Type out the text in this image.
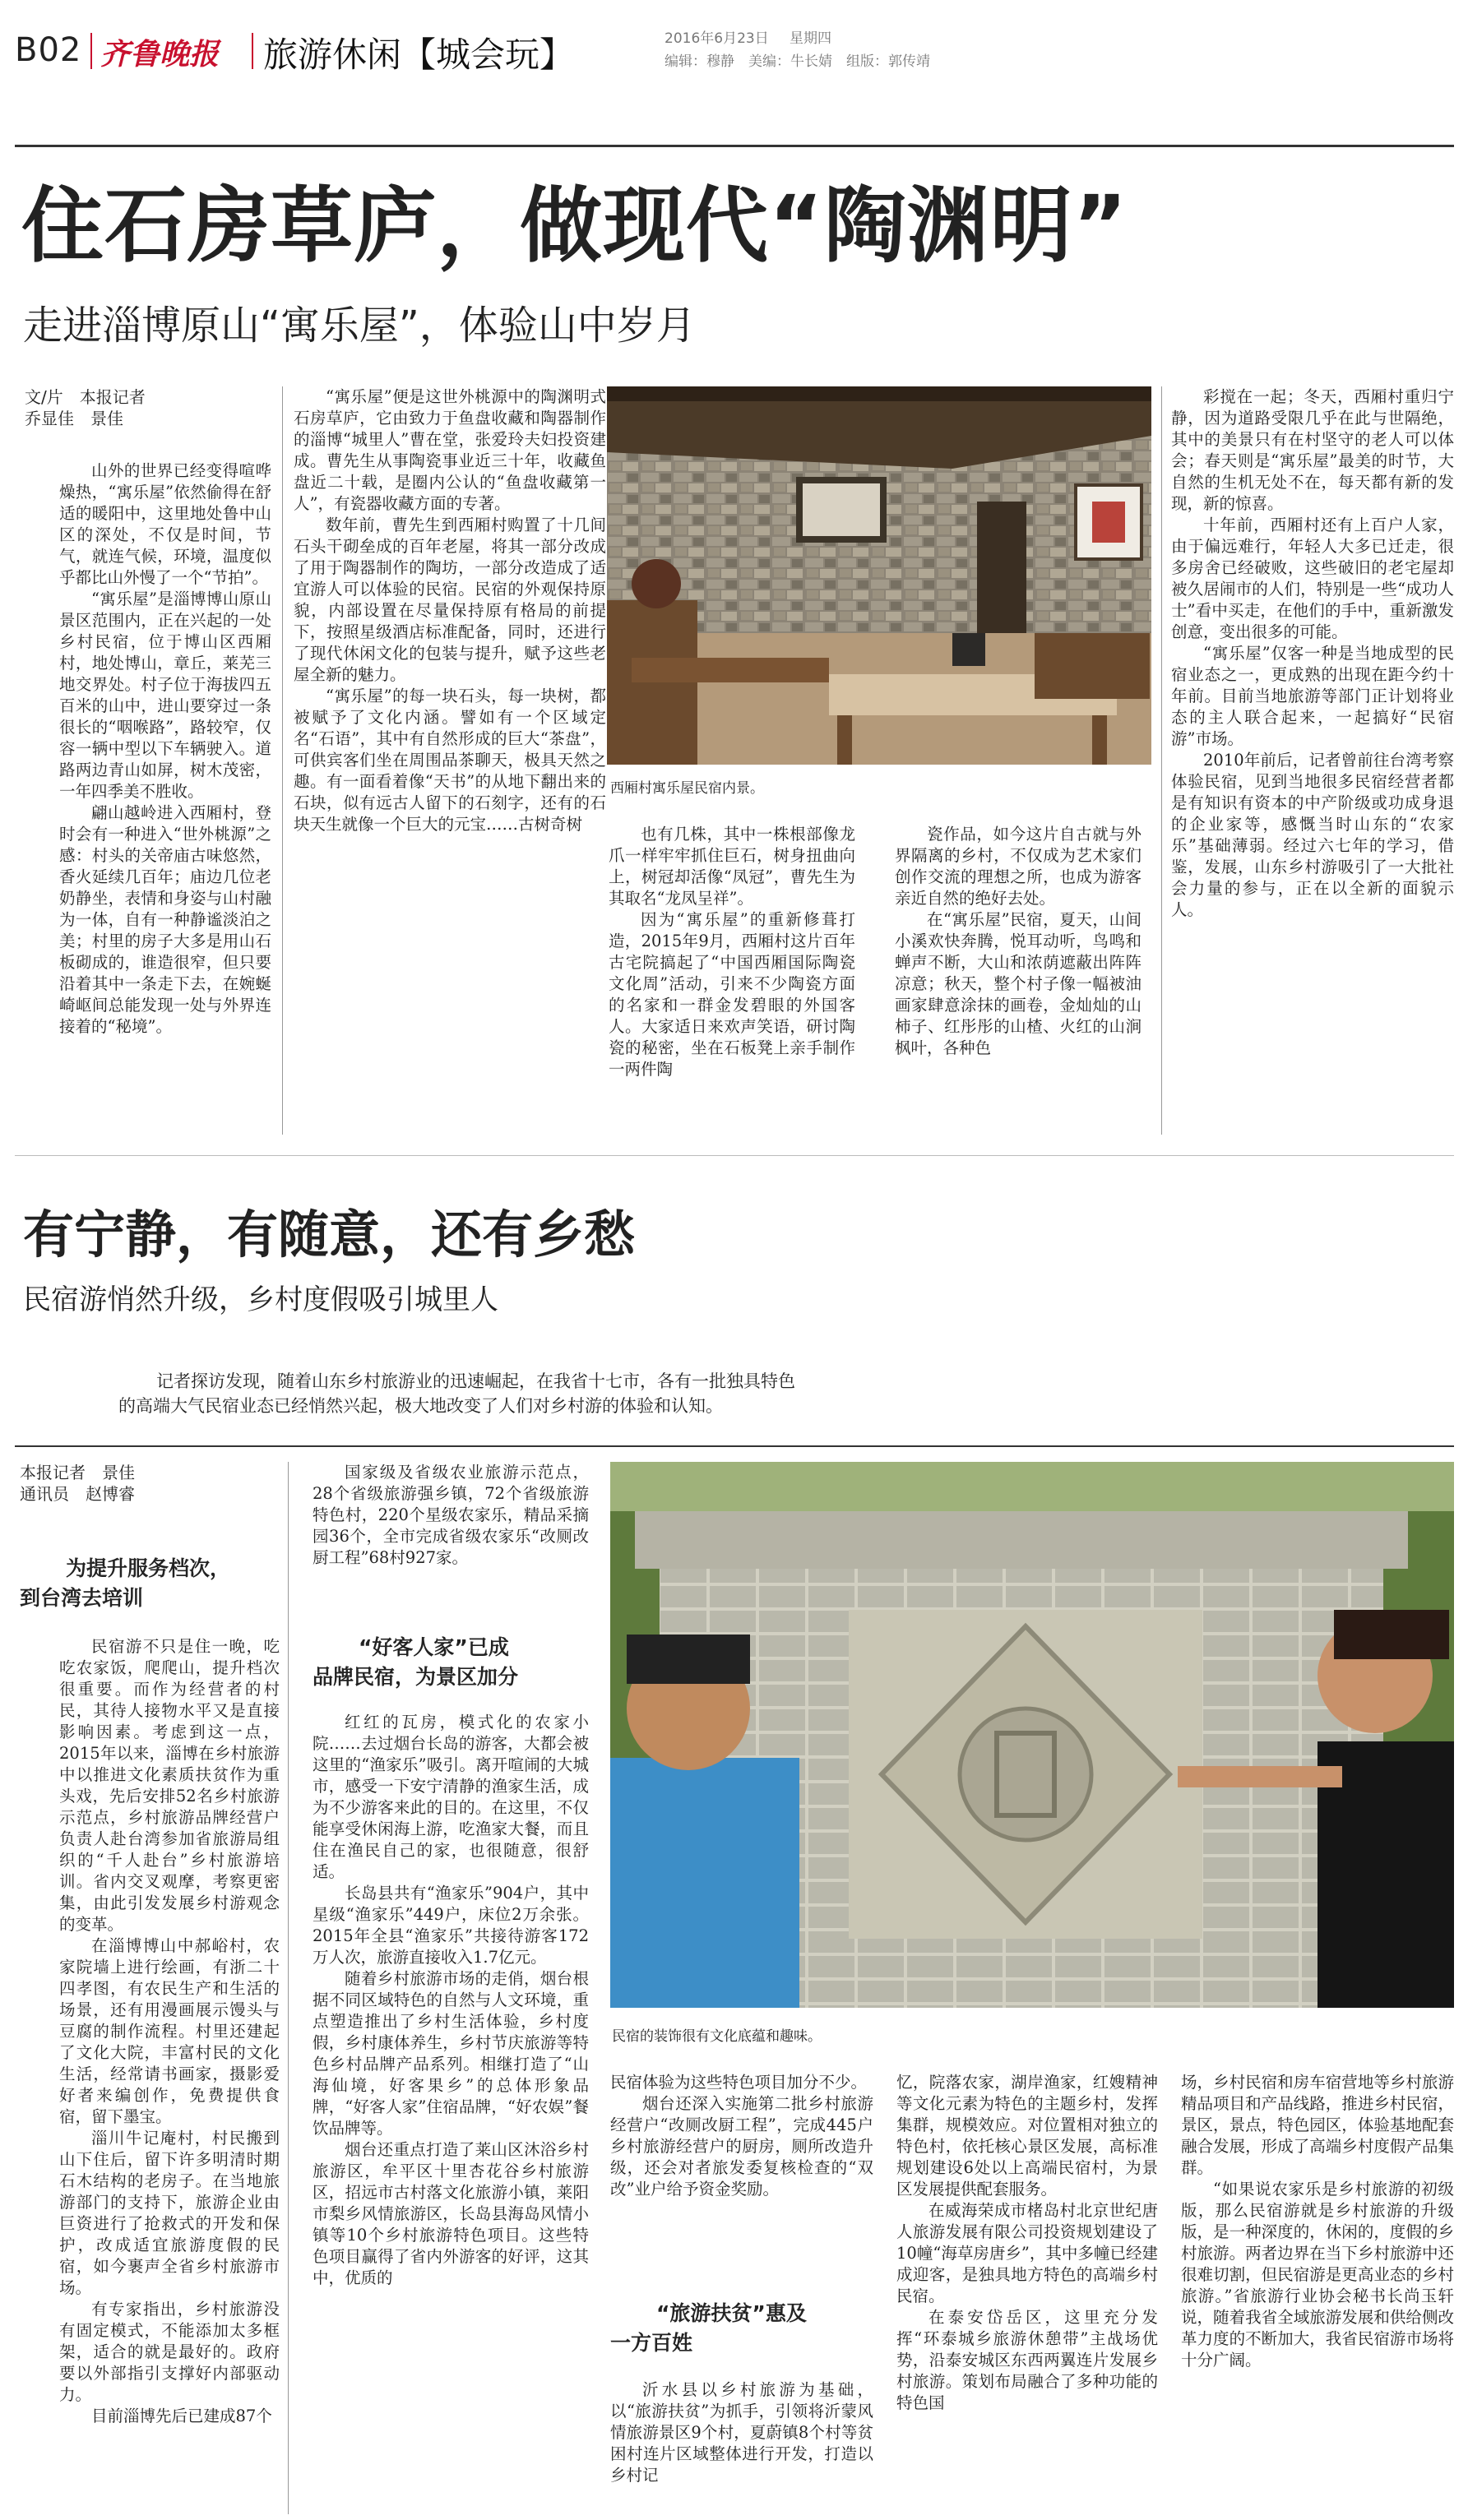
B02 齐鲁晚报 旅游休闲【城会玩】	2016年6月23日 星期四
编辑：穆静　美编：牛长婧　组版：郭传靖
住石房草庐，做现代“陶渊明”
走进淄博原山“寓乐屋”，体验山中岁月
文/片　本报记者
乔显佳　景佳

山外的世界已经变得喧哗燥热，“寓乐屋”依然偷得在舒适的暖阳中，这里地处鲁中山区的深处，不仅是时间，节气，就连气候，环境，温度似乎都比山外慢了一个“节拍”。

“寓乐屋”是淄博博山原山景区范围内，正在兴起的一处乡村民宿，位于博山区西厢村，地处博山，章丘，莱芜三地交界处。村子位于海拔四五百米的山中，进山要穿过一条很长的“咽喉路”，路较窄，仅容一辆中型以下车辆驶入。道路两边青山如屏，树木茂密，一年四季美不胜收。

翩山越岭进入西厢村，登时会有一种进入“世外桃源”之感：村头的关帝庙古味悠然，香火延续几百年；庙边几位老奶静坐，表情和身姿与山村融为一体，自有一种静谧淡泊之美；村里的房子大多是用山石板砌成的，谁造很窄，但只要沿着其中一条走下去，在婉蜒崎岖间总能发现一处与外界连接着的“秘境”。

“寓乐屋”便是这世外桃源中的陶渊明式石房草庐，它由致力于鱼盘收藏和陶器制作的淄博“城里人”曹在堂，张爱玲夫妇投资建成。曹先生从事陶瓷事业近三十年，收藏鱼盘近二十载，是圈内公认的“鱼盘收藏第一人”，有瓷器收藏方面的专著。

数年前，曹先生到西厢村购置了十几间石头干砌垒成的百年老屋，将其一部分改成了用于陶器制作的陶坊，一部分改造成了适宜游人可以体验的民宿。民宿的外观保持原貌，内部设置在尽量保持原有格局的前提下，按照星级酒店标准配备，同时，还进行了现代休闲文化的包装与提升，赋予这些老屋全新的魅力。

“寓乐屋”的每一块石头，每一块树，都被赋予了文化内涵。譬如有一个区域定名“石语”，其中有自然形成的巨大“茶盘”，可供宾客们坐在周围品茶聊天，极具天然之趣。有一面看着像“天书”的从地下翻出来的石块，似有远古人留下的石刻字，还有的石块天生就像一个巨大的元宝……古树奇树

西厢村寓乐屋民宿内景。

也有几株，其中一株根部像龙爪一样牢牢抓住巨石，树身扭曲向上，树冠却活像“凤冠”，曹先生为其取名“龙凤呈祥”。

因为“寓乐屋”的重新修葺打造，2015年9月，西厢村这片百年古宅院搞起了“中国西厢国际陶瓷文化周”活动，引来不少陶瓷方面的名家和一群金发碧眼的外国客人。大家适日来欢声笑语，研讨陶瓷的秘密，坐在石板凳上亲手制作一两件陶

瓷作品，如今这片自古就与外界隔离的乡村，不仅成为艺术家们创作交流的理想之所，也成为游客亲近自然的绝好去处。

在“寓乐屋”民宿，夏天，山间小溪欢快奔腾，悦耳动听，鸟鸣和蝉声不断，大山和浓荫遮蔽出阵阵凉意；秋天，整个村子像一幅被油画家肆意涂抹的画卷，金灿灿的山柿子、红彤彤的山楂、火红的山涧枫叶，各种色

彩搅在一起；冬天，西厢村重归宁静，因为道路受限几乎在此与世隔绝，其中的美景只有在村坚守的老人可以体会；春天则是“寓乐屋”最美的时节，大自然的生机无处不在，每天都有新的发现，新的惊喜。

十年前，西厢村还有上百户人家，由于偏远难行，年轻人大多已迁走，很多房舍已经破败，这些破旧的老宅屋却被久居闹市的人们，特别是一些“成功人士”看中买走，在他们的手中，重新激发创意，变出很多的可能。

“寓乐屋”仅客一种是当地成型的民宿业态之一，更成熟的出现在距今约十年前。目前当地旅游等部门正计划将业态的主人联合起来，一起搞好“民宿游”市场。

2010年前后，记者曾前往台湾考察体验民宿，见到当地很多民宿经营者都是有知识有资本的中产阶级或功成身退的企业家等，感慨当时山东的“农家乐”基础薄弱。经过六七年的学习，借鉴，发展，山东乡村游吸引了一大批社会力量的参与，正在以全新的面貌示人。

有宁静，有随意，还有乡愁
民宿游悄然升级，乡村度假吸引城里人
记者探访发现，随着山东乡村旅游业的迅速崛起，在我省十七市，各有一批独具特色
的高端大气民宿业态已经悄然兴起，极大地改变了人们对乡村游的体验和认知。
本报记者　景佳
通讯员　赵博睿
为提升服务档次，
到台湾去培训

民宿游不只是住一晚，吃吃农家饭，爬爬山，提升档次很重要。而作为经营者的村民，其待人接物水平又是直接影响因素。考虑到这一点，2015年以来，淄博在乡村旅游中以推进文化素质扶贫作为重头戏，先后安排52名乡村旅游示范点，乡村旅游品牌经营户负责人赴台湾参加省旅游局组织的“千人赴台”乡村旅游培训。省内交叉观摩，考察更密集，由此引发发展乡村游观念的变革。

在淄博博山中郝峪村，农家院墙上进行绘画，有浙二十四孝图，有农民生产和生活的场景，还有用漫画展示馒头与豆腐的制作流程。村里还建起了文化大院，丰富村民的文化生活，经常请书画家，摄影爱好者来编创作，免费提供食宿，留下墨宝。

淄川牛记庵村，村民搬到山下住后，留下许多明清时期石木结构的老房子。在当地旅游部门的支持下，旅游企业由巨资进行了抢救式的开发和保护，改成适宜旅游度假的民宿，如今裹声全省乡村旅游市场。

有专家指出，乡村旅游没有固定模式，不能添加太多框架，适合的就是最好的。政府要以外部指引支撑好内部驱动力。

目前淄博先后已建成87个

国家级及省级农业旅游示范点，28个省级旅游强乡镇，72个省级旅游特色村，220个星级农家乐，精品采摘园36个，全市完成省级农家乐“改厕改厨工程”68村927家。

“好客人家”已成
品牌民宿，为景区加分

红红的瓦房，模式化的农家小院……去过烟台长岛的游客，大都会被这里的“渔家乐”吸引。离开喧闹的大城市，感受一下安宁清静的渔家生活，成为不少游客来此的目的。在这里，不仅能享受休闲海上游，吃渔家大餐，而且住在渔民自己的家，也很随意，很舒适。

长岛县共有“渔家乐”904户，其中星级“渔家乐”449户，床位2万余张。2015年全县“渔家乐”共接待游客172万人次，旅游直接收入1.7亿元。

随着乡村旅游市场的走俏，烟台根据不同区域特色的自然与人文环境，重点塑造推出了乡村生活体验，乡村度假，乡村康体养生，乡村节庆旅游等特色乡村品牌产品系列。相继打造了“山海仙境，好客果乡”的总体形象品牌，“好客人家”住宿品牌，“好农娱”餐饮品牌等。

烟台还重点打造了莱山区沐浴乡村旅游区，牟平区十里杏花谷乡村旅游区，招远市古村落文化旅游小镇，莱阳市梨乡风情旅游区，长岛县海岛风情小镇等10个乡村旅游特色项目。这些特色项目赢得了省内外游客的好评，这其中，优质的

民宿的装饰很有文化底蕴和趣味。

民宿体验为这些特色项目加分不少。

烟台还深入实施第二批乡村旅游经营户“改厕改厨工程”，完成445户乡村旅游经营户的厨房，厕所改造升级，还会对者旅发委复核检查的“双改”业户给予资金奖励。

“旅游扶贫”惠及
一方百姓

沂水县以乡村旅游为基础，以“旅游扶贫”为抓手，引领将沂蒙风情旅游景区9个村，夏蔚镇8个村等贫困村连片区域整体进行开发，打造以乡村记

忆，院落农家，湖岸渔家，红嫂精神等文化元素为特色的主题乡村，发挥集群，规模效应。对位置相对独立的特色村，依托核心景区发展，高标准规划建设6处以上高端民宿村，为景区发展提供配套服务。

在威海荣成市楮岛村北京世纪唐人旅游发展有限公司投资规划建设了10幢“海草房唐乡”，其中多幢已经建成迎客，是独具地方特色的高端乡村民宿。

在泰安岱岳区，这里充分发挥“环泰城乡旅游休憩带”主战场优势，沿泰安城区东西两翼连片发展乡村旅游。策划布局融合了多种功能的特色国

场，乡村民宿和房车宿营地等乡村旅游精品项目和产品线路，推进乡村民宿，景区，景点，特色园区，体验基地配套融合发展，形成了高端乡村度假产品集群。

“如果说农家乐是乡村旅游的初级版，那么民宿游就是乡村旅游的升级版，是一种深度的，休闲的，度假的乡村旅游。两者边界在当下乡村旅游中还很难切割，但民宿游是更高业态的乡村旅游。”省旅游行业协会秘书长尚玉轩说，随着我省全域旅游发展和供给侧改革力度的不断加大，我省民宿游市场将十分广阔。
